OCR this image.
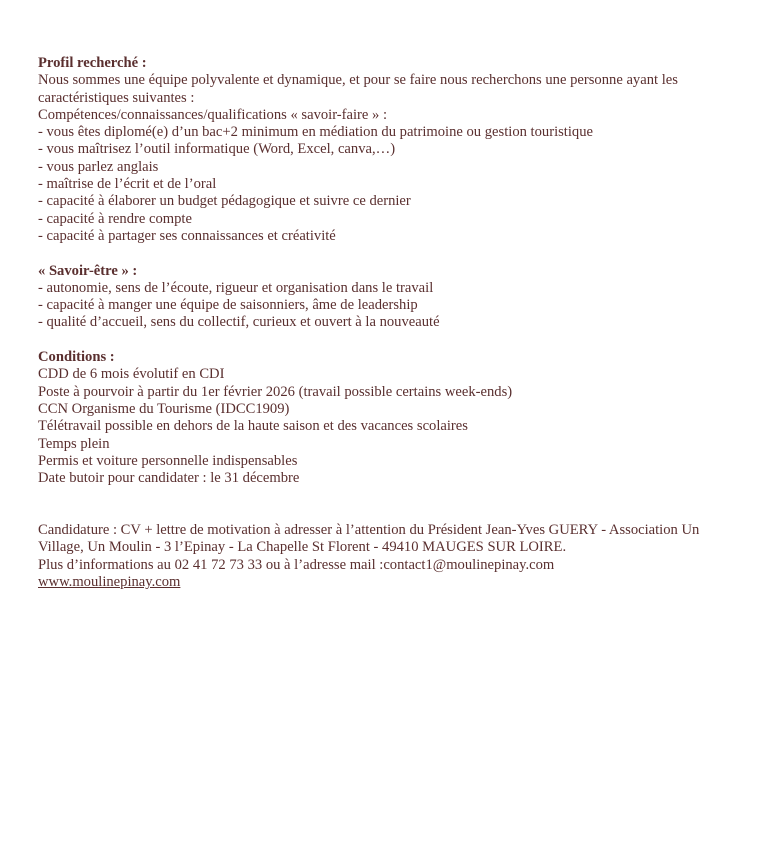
Profil recherché :
Nous sommes une équipe polyvalente et dynamique, et pour se faire nous recherchons une personne ayant les caractéristiques suivantes :
Compétences/connaissances/qualifications « savoir-faire » :
- vous êtes diplomé(e) d’un bac+2 minimum en médiation du patrimoine ou gestion touristique
- vous maîtrisez l’outil informatique (Word, Excel, canva,…)
- vous parlez anglais
- maîtrise de l’écrit et de l’oral
- capacité à élaborer un budget pédagogique et suivre ce dernier
- capacité à rendre compte
- capacité à partager ses connaissances et créativité
« Savoir-être » :
- autonomie, sens de l’écoute, rigueur et organisation dans le travail
- capacité à manger une équipe de saisonniers, âme de leadership
- qualité d’accueil, sens du collectif, curieux et ouvert à la nouveauté
Conditions :
CDD de 6 mois évolutif en CDI
Poste à pourvoir à partir du 1er février 2026 (travail possible certains week-ends)
CCN Organisme du Tourisme (IDCC1909)
Télétravail possible en dehors de la haute saison et des vacances scolaires
Temps plein
Permis et voiture personnelle indispensables
Date butoir pour candidater : le 31 décembre
Candidature : CV + lettre de motivation à adresser à l’attention du Président Jean-Yves GUERY - Association Un Village, Un Moulin - 3 l’Epinay - La Chapelle St Florent - 49410 MAUGES SUR LOIRE.
Plus d’informations au 02 41 72 73 33 ou à l’adresse mail :contact1@moulinepinay.com
www.moulinepinay.com
